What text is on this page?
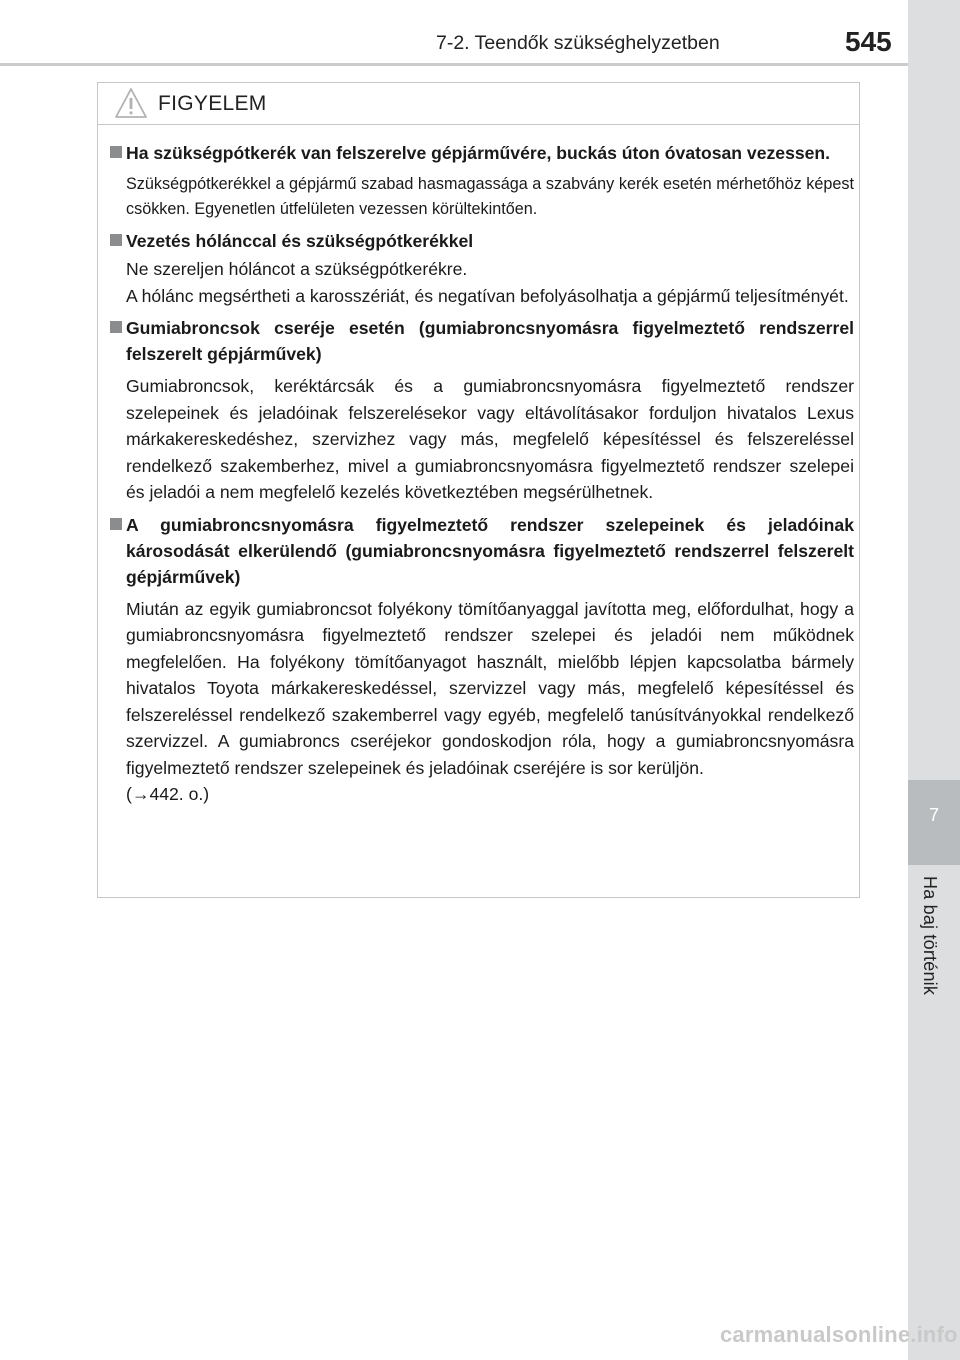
7-2. Teendők szükséghelyzetben	545
7
Ha baj történik
FIGYELEM
Ha szükségpótkerék van felszerelve gépjárművére, buckás úton óvatosan vezessen.

Szükségpótkerékkel a gépjármű szabad hasmagassága a szabvány kerék esetén mérhetőhöz képest csökken. Egyenetlen útfelületen vezessen körültekintően.

Vezetés hólánccal és szükségpótkerékkel

Ne szereljen hóláncot a szükségpótkerékre.

A hólánc megsértheti a karosszériát, és negatívan befolyásolhatja a gépjármű teljesítményét.

Gumiabroncsok cseréje esetén (gumiabroncsnyomásra figyelmeztető rendszerrel felszerelt gépjárművek)

Gumiabroncsok, keréktárcsák és a gumiabroncsnyomásra figyelmeztető rendszer szelepeinek és jeladóinak felszerelésekor vagy eltávolításakor forduljon hivatalos Lexus márkakereskedéshez, szervizhez vagy más, megfelelő képesítéssel és felszereléssel rendelkező szakemberhez, mivel a gumiabroncsnyomásra figyelmeztető rendszer szelepei és jeladói a nem megfelelő kezelés következtében megsérülhetnek.

A gumiabroncsnyomásra figyelmeztető rendszer szelepeinek és jeladóinak károsodását elkerülendő (gumiabroncsnyomásra figyelmeztető rendszerrel felszerelt gépjárművek)

Miután az egyik gumiabroncsot folyékony tömítőanyaggal javította meg, előfordulhat, hogy a gumiabroncsnyomásra figyelmeztető rendszer szelepei és jeladói nem működnek megfelelően. Ha folyékony tömítőanyagot használt, mielőbb lépjen kapcsolatba bármely hivatalos Toyota márkakereskedéssel, szervizzel vagy más, megfelelő képesítéssel és felszereléssel rendelkező szakemberrel vagy egyéb, megfelelő tanúsítványokkal rendelkező szervizzel. A gumiabroncs cseréjekor gondoskodjon róla, hogy a gumiabroncsnyomásra figyelmeztető rendszer szelepeinek és jeladóinak cseréjére is sor kerüljön.

(→442. o.)

carmanualsonline.info
